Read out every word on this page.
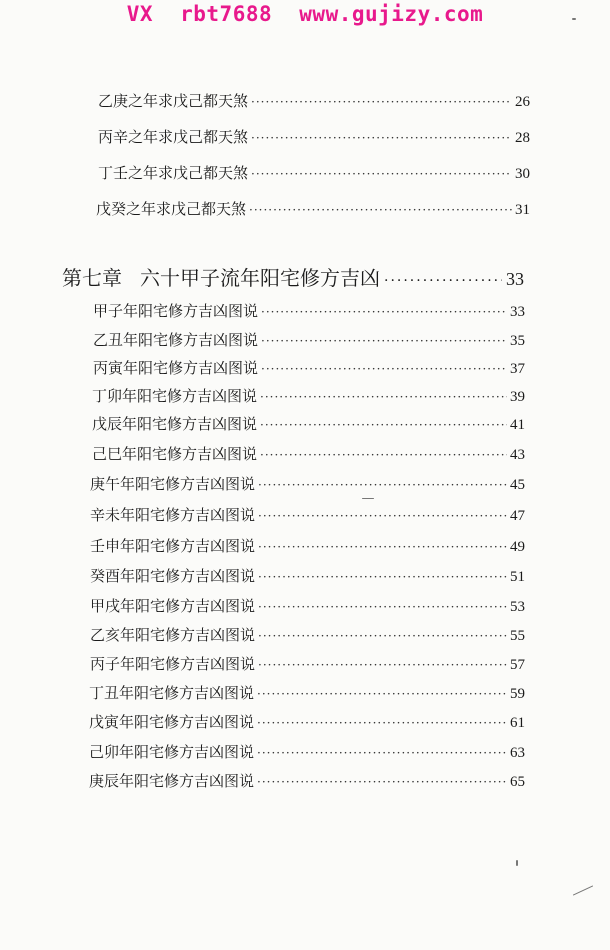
VX rbt7688 www.gujizy.com
乙庚之年求戊己都天煞 ·····	26
丙辛之年求戊己都天煞 ·····	28
丁壬之年求戊己都天煞 ·····	30
戊癸之年求戊己都天煞 ·····	31
第七章 六十甲子流年阳宅修方吉凶 ·····	33
甲子年阳宅修方吉凶图说 ·····	33
乙丑年阳宅修方吉凶图说 ·····	35
丙寅年阳宅修方吉凶图说 ·····	37
丁卯年阳宅修方吉凶图说 ·····	39
戊辰年阳宅修方吉凶图说 ·····	41
己巳年阳宅修方吉凶图说 ·····	43
庚午年阳宅修方吉凶图说 ·····	45
辛未年阳宅修方吉凶图说 ·····	47
壬申年阳宅修方吉凶图说 ·····	49
癸酉年阳宅修方吉凶图说 ·····	51
甲戌年阳宅修方吉凶图说 ·····	53
乙亥年阳宅修方吉凶图说 ·····	55
丙子年阳宅修方吉凶图说 ·····	57
丁丑年阳宅修方吉凶图说 ·····	59
戊寅年阳宅修方吉凶图说 ·····	61
己卯年阳宅修方吉凶图说 ·····	63
庚辰年阳宅修方吉凶图说 ·····	65
